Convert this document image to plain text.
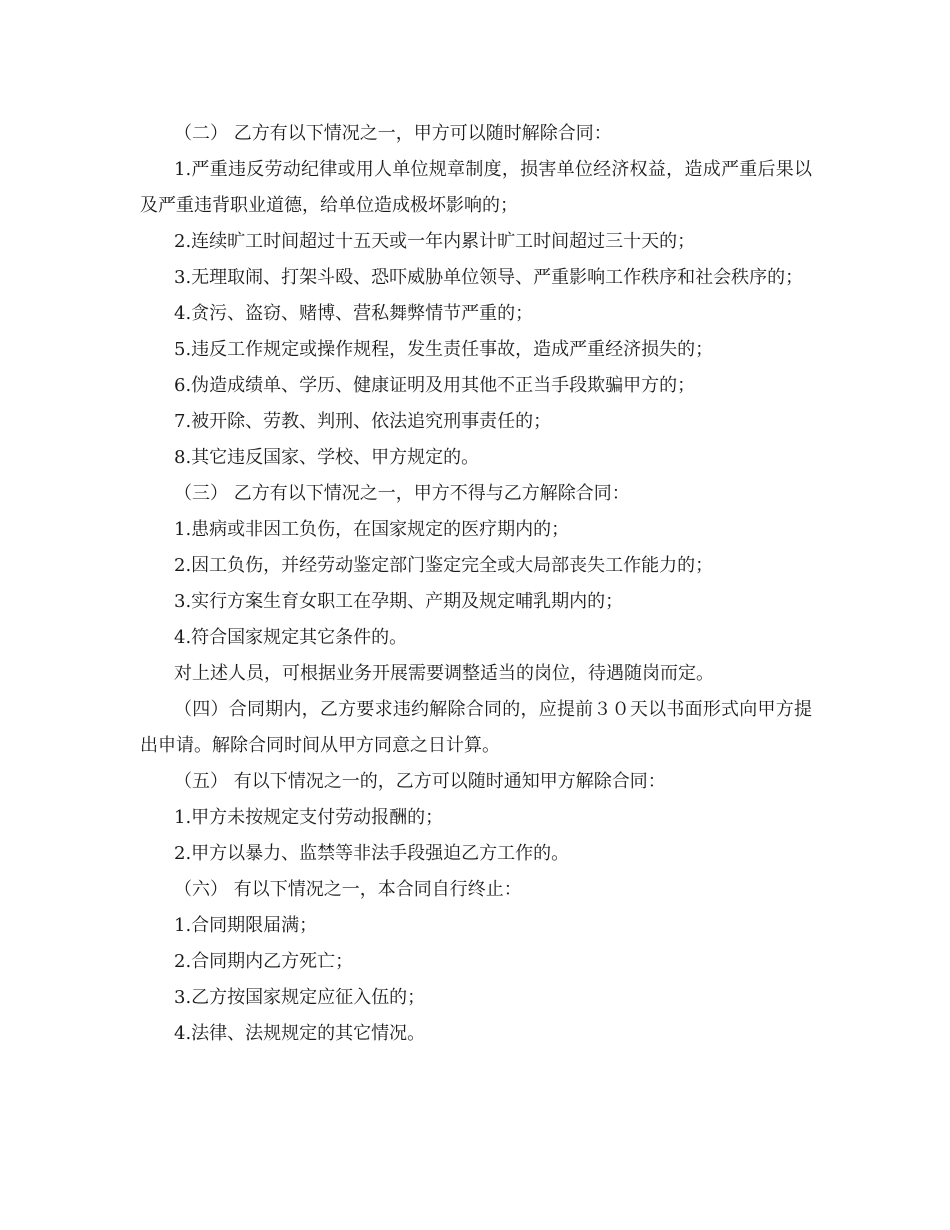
（二） 乙方有以下情况之一，甲方可以随时解除合同：

1.严重违反劳动纪律或用人单位规章制度，损害单位经济权益，造成严重后果以及严重违背职业道德，给单位造成极坏影响的；

2.连续旷工时间超过十五天或一年内累计旷工时间超过三十天的；

3.无理取闹、打架斗殴、恐吓威胁单位领导、严重影响工作秩序和社会秩序的；

4.贪污、盗窃、赌博、营私舞弊情节严重的；

5.违反工作规定或操作规程，发生责任事故，造成严重经济损失的；

6.伪造成绩单、学历、健康证明及用其他不正当手段欺骗甲方的；

7.被开除、劳教、判刑、依法追究刑事责任的；

8.其它违反国家、学校、甲方规定的。

（三） 乙方有以下情况之一，甲方不得与乙方解除合同：

1.患病或非因工负伤，在国家规定的医疗期内的；

2.因工负伤，并经劳动鉴定部门鉴定完全或大局部丧失工作能力的；

3.实行方案生育女职工在孕期、产期及规定哺乳期内的；

4.符合国家规定其它条件的。

对上述人员，可根据业务开展需要调整适当的岗位，待遇随岗而定。

（四）合同期内，乙方要求违约解除合同的，应提前３０天以书面形式向甲方提出申请。解除合同时间从甲方同意之日计算。

（五） 有以下情况之一的，乙方可以随时通知甲方解除合同：

1.甲方未按规定支付劳动报酬的；

2.甲方以暴力、监禁等非法手段强迫乙方工作的。

（六） 有以下情况之一，本合同自行终止：

1.合同期限届满；

2.合同期内乙方死亡；

3.乙方按国家规定应征入伍的；

4.法律、法规规定的其它情况。
